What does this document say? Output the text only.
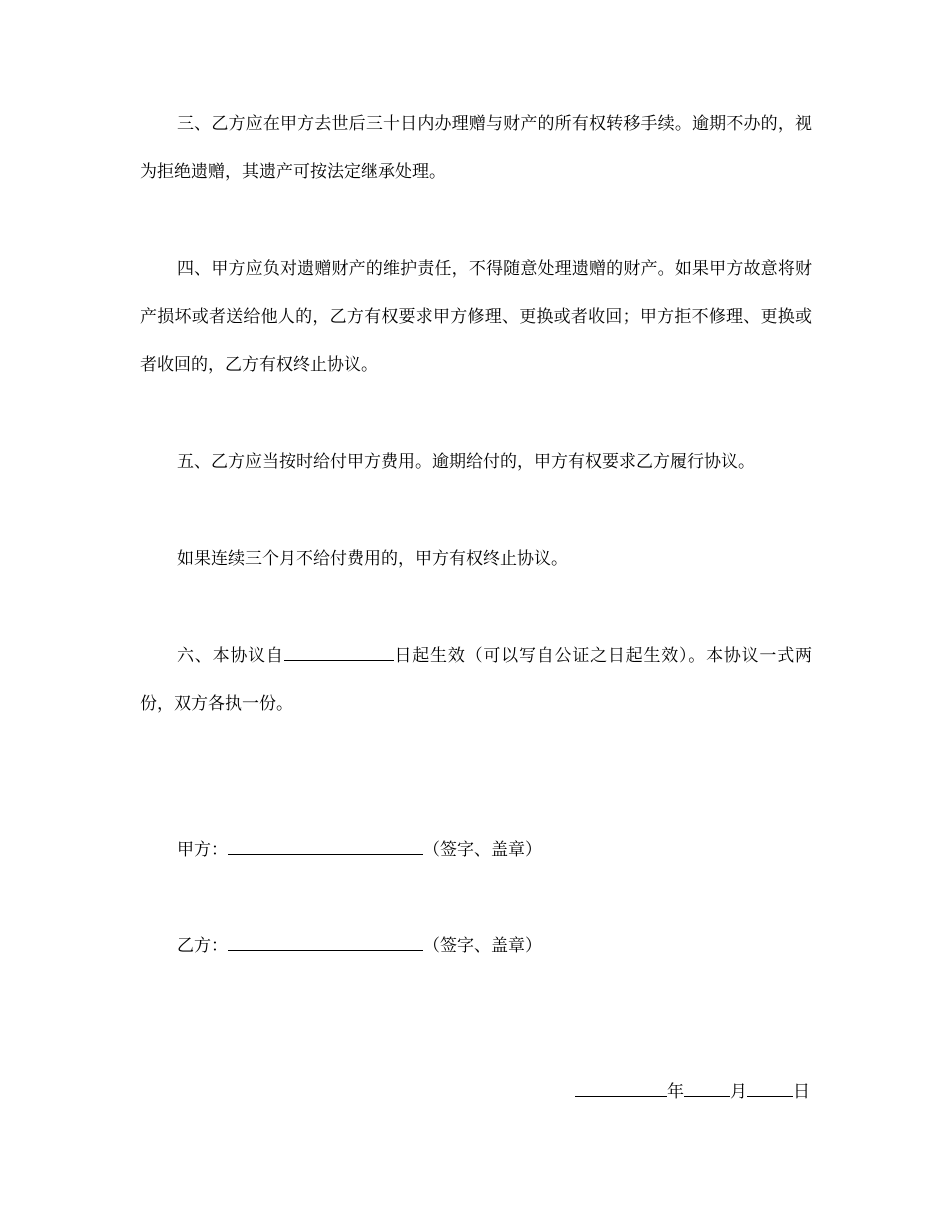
三、乙方应在甲方去世后三十日内办理赠与财产的所有权转移手续。逾期不办的，视为拒绝遗赠，其遗产可按法定继承处理。

四、甲方应负对遗赠财产的维护责任，不得随意处理遗赠的财产。如果甲方故意将财产损坏或者送给他人的，乙方有权要求甲方修理、更换或者收回；甲方拒不修理、更换或者收回的，乙方有权终止协议。

五、乙方应当按时给付甲方费用。逾期给付的，甲方有权要求乙方履行协议。

如果连续三个月不给付费用的，甲方有权终止协议。

六、本协议自	日起生效（可以写自公证之日起生效）。本协议一式两份，双方各执一份。

甲方：	（签字、盖章）
乙方：	（签字、盖章）
年	月	日
